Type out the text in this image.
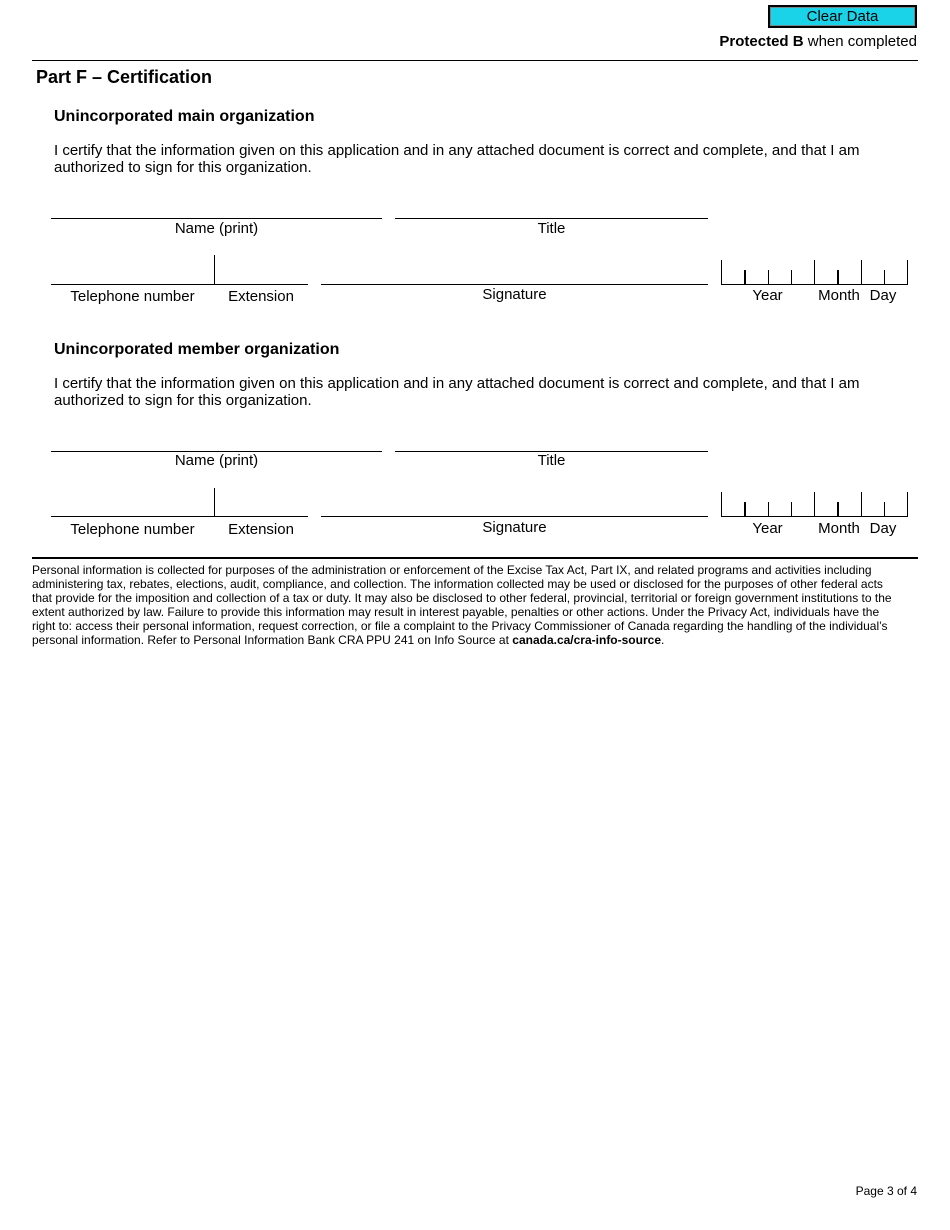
Clear Data
Protected B when completed
Part F – Certification
Unincorporated main organization
I certify that the information given on this application and in any attached document is correct and complete, and that I am authorized to sign for this organization.
Name (print)	Title
Telephone number	Extension	Signature	Year	Month Day
Unincorporated member organization
I certify that the information given on this application and in any attached document is correct and complete, and that I am authorized to sign for this organization.
Name (print)	Title
Telephone number	Extension	Signature	Year	Month Day
Personal information is collected for purposes of the administration or enforcement of the Excise Tax Act, Part IX, and related programs and activities including administering tax, rebates, elections, audit, compliance, and collection. The information collected may be used or disclosed for the purposes of other federal acts that provide for the imposition and collection of a tax or duty. It may also be disclosed to other federal, provincial, territorial or foreign government institutions to the extent authorized by law. Failure to provide this information may result in interest payable, penalties or other actions. Under the Privacy Act, individuals have the right to: access their personal information, request correction, or file a complaint to the Privacy Commissioner of Canada regarding the handling of the individual’s personal information. Refer to Personal Information Bank CRA PPU 241 on Info Source at canada.ca/cra-info-source.
Page 3 of 4
